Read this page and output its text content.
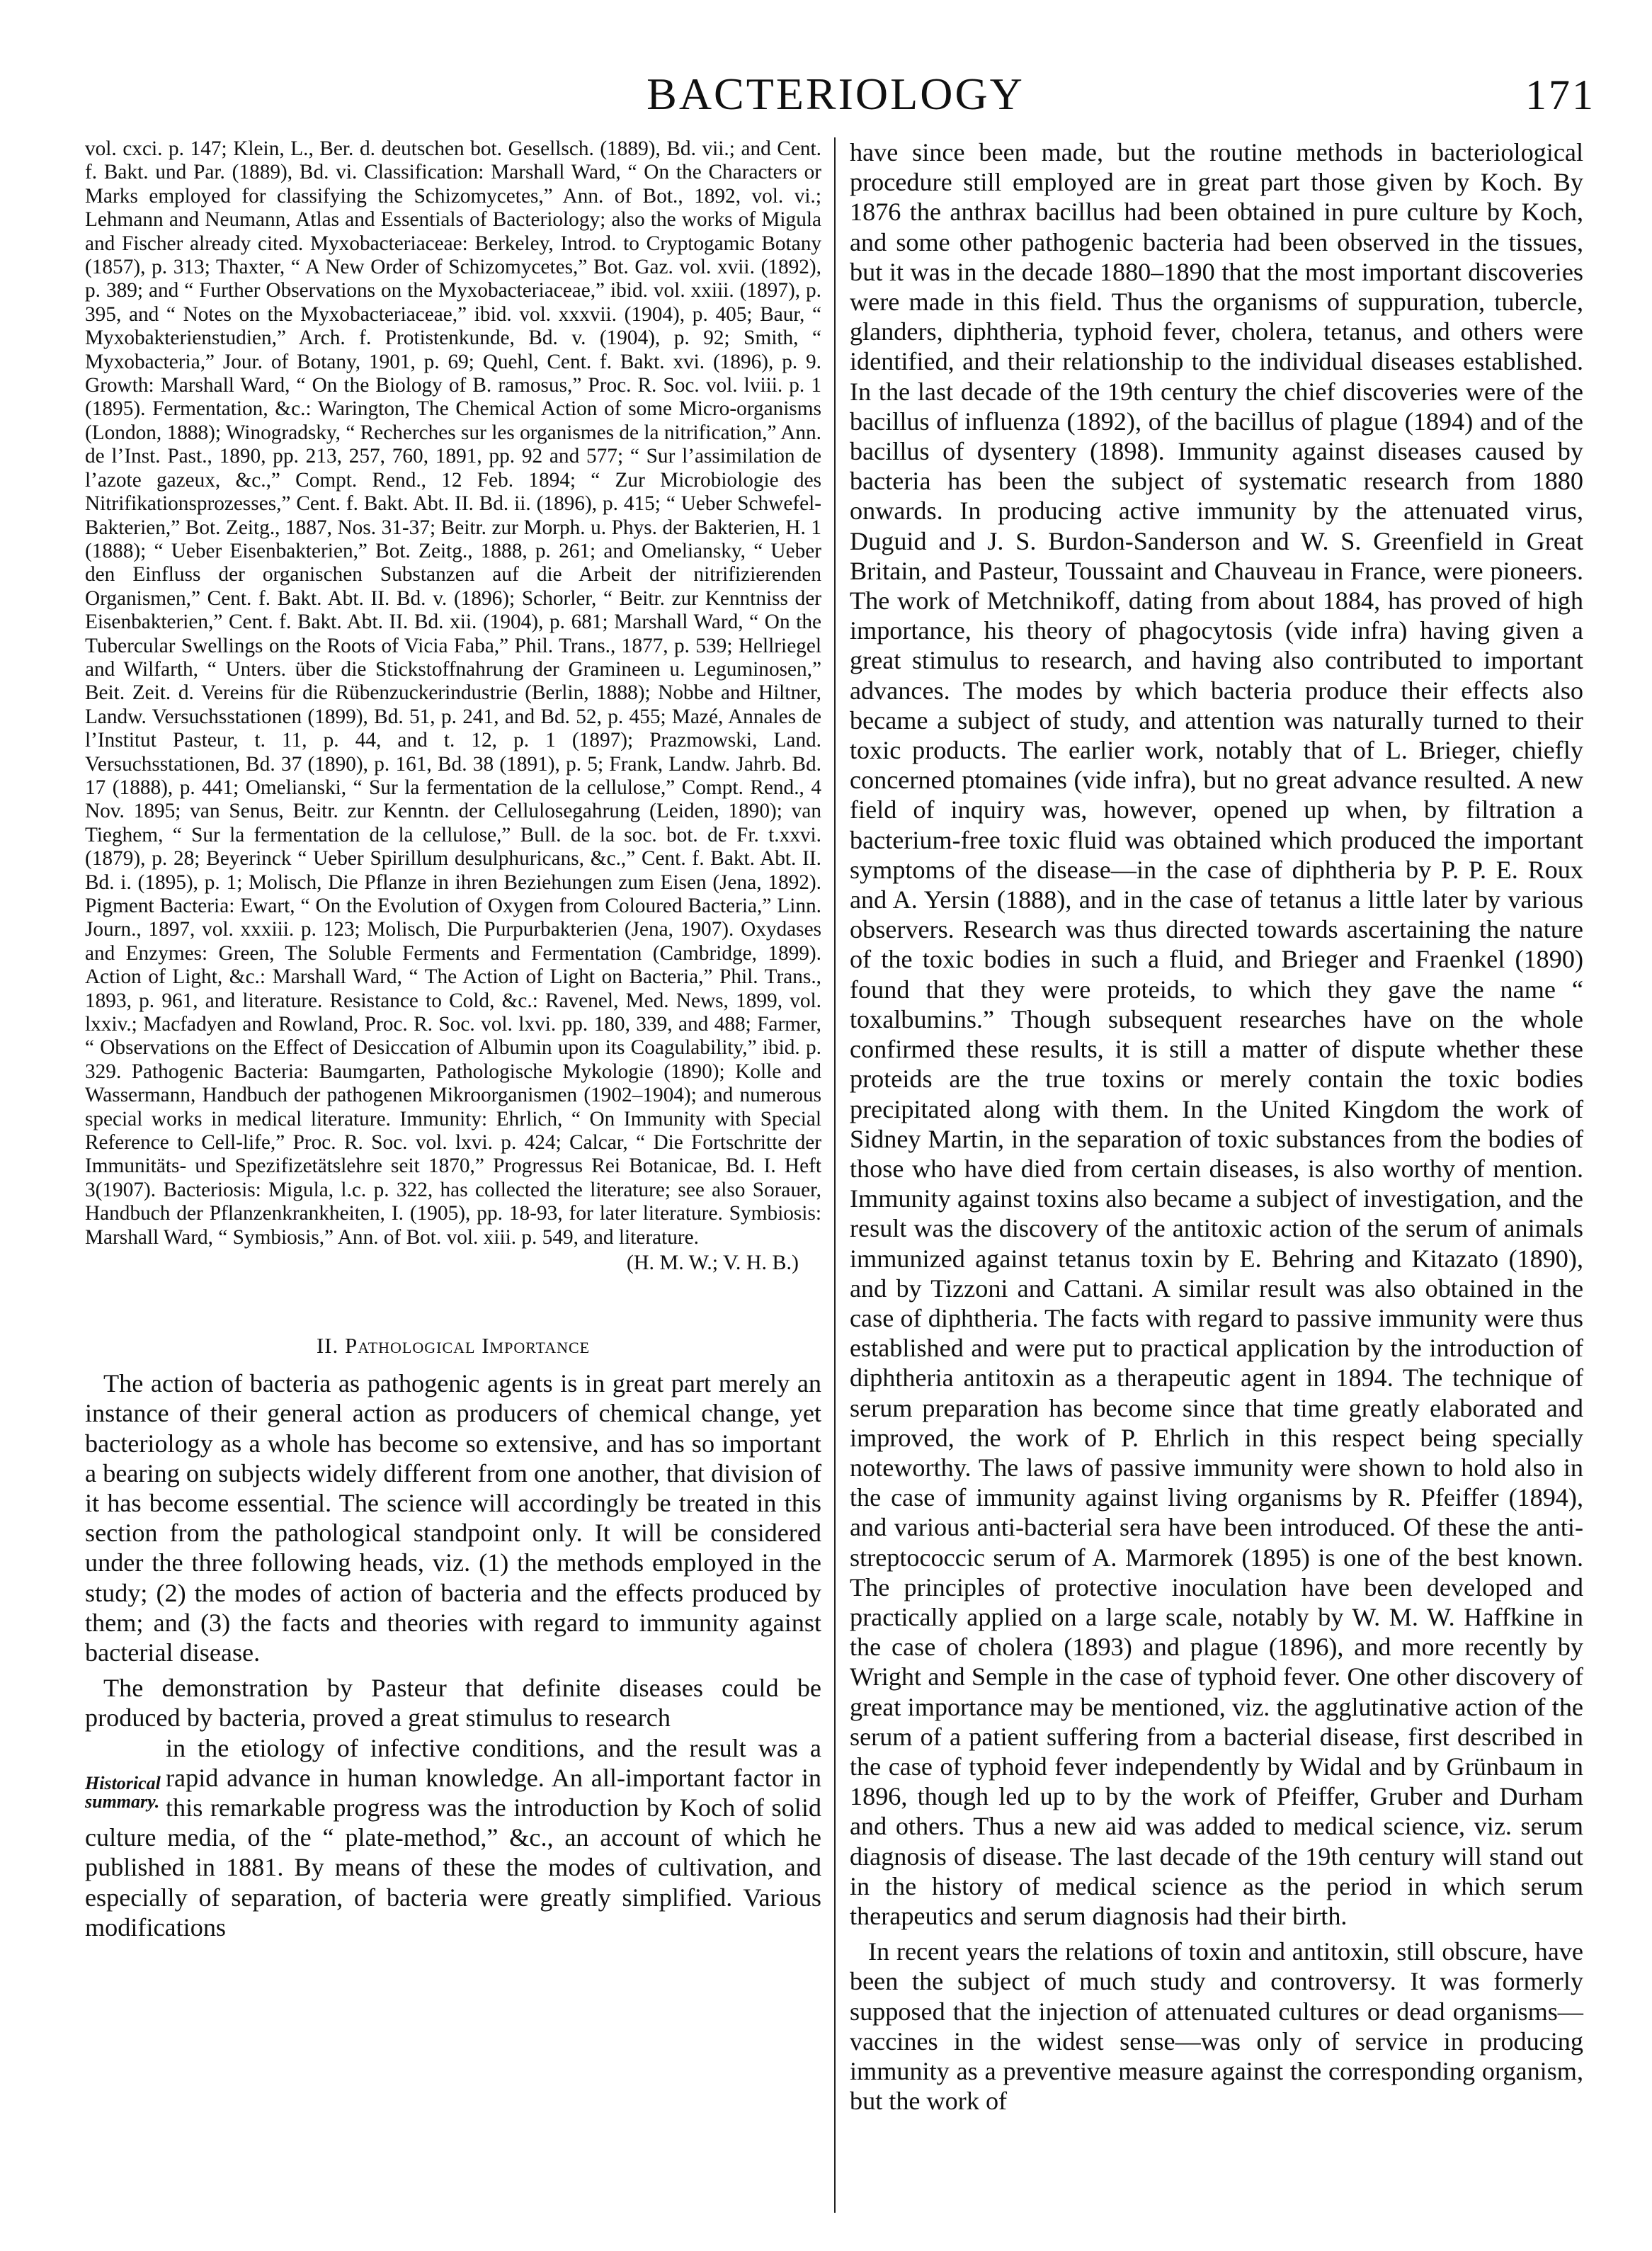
BACTERIOLOGY	171

vol. cxci. p. 147; Klein, L., Ber. d. deutschen bot. Gesellsch. (1889), Bd. vii.; and Cent. f. Bakt. und Par. (1889), Bd. vi. Classification: Marshall Ward, “ On the Characters or Marks employed for classifying the Schizomycetes,” Ann. of Bot., 1892, vol. vi.; Lehmann and Neumann, Atlas and Essentials of Bacteriology; also the works of Migula and Fischer already cited. Myxobacteriaceae: Berkeley, Introd. to Cryptogamic Botany (1857), p. 313; Thaxter, “ A New Order of Schizomycetes,” Bot. Gaz. vol. xvii. (1892), p. 389; and “ Further Observations on the Myxobacteriaceae,” ibid. vol. xxiii. (1897), p. 395, and “ Notes on the Myxobacteriaceae,” ibid. vol. xxxvii. (1904), p. 405; Baur, “ Myxobakterienstudien,” Arch. f. Protistenkunde, Bd. v. (1904), p. 92; Smith, “ Myxobacteria,” Jour. of Botany, 1901, p. 69; Quehl, Cent. f. Bakt. xvi. (1896), p. 9. Growth: Marshall Ward, “ On the Biology of B. ramosus,” Proc. R. Soc. vol. lviii. p. 1 (1895). Fermentation, &c.: Warington, The Chemical Action of some Micro-organisms (London, 1888); Winogradsky, “ Recherches sur les organismes de la nitrification,” Ann. de l’Inst. Past., 1890, pp. 213, 257, 760, 1891, pp. 92 and 577; “ Sur l’assimilation de l’azote gazeux, &c.,” Compt. Rend., 12 Feb. 1894; “ Zur Microbiologie des Nitrifikationsprozesses,” Cent. f. Bakt. Abt. II. Bd. ii. (1896), p. 415; “ Ueber Schwefel-Bakterien,” Bot. Zeitg., 1887, Nos. 31-37; Beitr. zur Morph. u. Phys. der Bakterien, H. 1 (1888); “ Ueber Eisenbakterien,” Bot. Zeitg., 1888, p. 261; and Omeliansky, “ Ueber den Einfluss der organischen Substanzen auf die Arbeit der nitrifizierenden Organismen,” Cent. f. Bakt. Abt. II. Bd. v. (1896); Schorler, “ Beitr. zur Kenntniss der Eisenbakterien,” Cent. f. Bakt. Abt. II. Bd. xii. (1904), p. 681; Marshall Ward, “ On the Tubercular Swellings on the Roots of Vicia Faba,” Phil. Trans., 1877, p. 539; Hellriegel and Wilfarth, “ Unters. über die Stickstoffnahrung der Gramineen u. Leguminosen,” Beit. Zeit. d. Vereins für die Rübenzuckerindustrie (Berlin, 1888); Nobbe and Hiltner, Landw. Versuchsstationen (1899), Bd. 51, p. 241, and Bd. 52, p. 455; Mazé, Annales de l’Institut Pasteur, t. 11, p. 44, and t. 12, p. 1 (1897); Prazmowski, Land. Versuchsstationen, Bd. 37 (1890), p. 161, Bd. 38 (1891), p. 5; Frank, Landw. Jahrb. Bd. 17 (1888), p. 441; Omelianski, “ Sur la fermentation de la cellulose,” Compt. Rend., 4 Nov. 1895; van Senus, Beitr. zur Kenntn. der Cellulosegahrung (Leiden, 1890); van Tieghem, “ Sur la fermentation de la cellulose,” Bull. de la soc. bot. de Fr. t.xxvi. (1879), p. 28; Beyerinck “ Ueber Spirillum desulphuricans, &c.,” Cent. f. Bakt. Abt. II. Bd. i. (1895), p. 1; Molisch, Die Pflanze in ihren Beziehungen zum Eisen (Jena, 1892). Pigment Bacteria: Ewart, “ On the Evolution of Oxygen from Coloured Bacteria,” Linn. Journ., 1897, vol. xxxiii. p. 123; Molisch, Die Purpurbakterien (Jena, 1907). Oxydases and Enzymes: Green, The Soluble Ferments and Fermentation (Cambridge, 1899). Action of Light, &c.: Marshall Ward, “ The Action of Light on Bacteria,” Phil. Trans., 1893, p. 961, and literature. Resistance to Cold, &c.: Ravenel, Med. News, 1899, vol. lxxiv.; Macfadyen and Rowland, Proc. R. Soc. vol. lxvi. pp. 180, 339, and 488; Farmer, “ Observations on the Effect of Desiccation of Albumin upon its Coagulability,” ibid. p. 329. Pathogenic Bacteria: Baumgarten, Pathologische Mykologie (1890); Kolle and Wassermann, Handbuch der pathogenen Mikroorganismen (1902–1904); and numerous special works in medical literature. Immunity: Ehrlich, “ On Immunity with Special Reference to Cell-life,” Proc. R. Soc. vol. lxvi. p. 424; Calcar, “ Die Fortschritte der Immunitäts- und Spezifizetätslehre seit 1870,” Progressus Rei Botanicae, Bd. I. Heft 3(1907). Bacteriosis: Migula, l.c. p. 322, has collected the literature; see also Sorauer, Handbuch der Pflanzenkrankheiten, I. (1905), pp. 18-93, for later literature. Symbiosis: Marshall Ward, “ Symbiosis,” Ann. of Bot. vol. xiii. p. 549, and literature.

(H. M. W.; V. H. B.)

II. Pathological Importance

The action of bacteria as pathogenic agents is in great part merely an instance of their general action as producers of chemical change, yet bacteriology as a whole has become so extensive, and has so important a bearing on subjects widely different from one another, that division of it has become essential. The science will accordingly be treated in this section from the pathological standpoint only. It will be considered under the three following heads, viz. (1) the methods employed in the study; (2) the modes of action of bacteria and the effects produced by them; and (3) the facts and theories with regard to immunity against bacterial disease.

The demonstration by Pasteur that definite diseases could be produced by bacteria, proved a great stimulus to research

Historical summary.

in the etiology of infective conditions, and the result was a rapid advance in human knowledge. An all-important factor in this remarkable progress was the introduction by Koch of solid culture media, of the “ plate-method,” &c., an account of which he published in 1881. By means of these the modes of cultivation, and especially of separation, of bacteria were greatly simplified. Various modifications

have since been made, but the routine methods in bacteriological procedure still employed are in great part those given by Koch. By 1876 the anthrax bacillus had been obtained in pure culture by Koch, and some other pathogenic bacteria had been observed in the tissues, but it was in the decade 1880–1890 that the most important discoveries were made in this field. Thus the organisms of suppuration, tubercle, glanders, diphtheria, typhoid fever, cholera, tetanus, and others were identified, and their relationship to the individual diseases established. In the last decade of the 19th century the chief discoveries were of the bacillus of influenza (1892), of the bacillus of plague (1894) and of the bacillus of dysentery (1898). Immunity against diseases caused by bacteria has been the subject of systematic research from 1880 onwards. In producing active immunity by the attenuated virus, Duguid and J. S. Burdon-Sanderson and W. S. Greenfield in Great Britain, and Pasteur, Toussaint and Chauveau in France, were pioneers. The work of Metchnikoff, dating from about 1884, has proved of high importance, his theory of phagocytosis (vide infra) having given a great stimulus to research, and having also contributed to important advances. The modes by which bacteria produce their effects also became a subject of study, and attention was naturally turned to their toxic products. The earlier work, notably that of L. Brieger, chiefly concerned ptomaines (vide infra), but no great advance resulted. A new field of inquiry was, however, opened up when, by filtration a bacterium-free toxic fluid was obtained which produced the important symptoms of the disease—in the case of diphtheria by P. P. E. Roux and A. Yersin (1888), and in the case of tetanus a little later by various observers. Research was thus directed towards ascertaining the nature of the toxic bodies in such a fluid, and Brieger and Fraenkel (1890) found that they were proteids, to which they gave the name “ toxalbumins.” Though subsequent researches have on the whole confirmed these results, it is still a matter of dispute whether these proteids are the true toxins or merely contain the toxic bodies precipitated along with them. In the United Kingdom the work of Sidney Martin, in the separation of toxic substances from the bodies of those who have died from certain diseases, is also worthy of mention. Immunity against toxins also became a subject of investigation, and the result was the discovery of the antitoxic action of the serum of animals immunized against tetanus toxin by E. Behring and Kitazato (1890), and by Tizzoni and Cattani. A similar result was also obtained in the case of diphtheria. The facts with regard to passive immunity were thus established and were put to practical application by the introduction of diphtheria antitoxin as a therapeutic agent in 1894. The technique of serum preparation has become since that time greatly elaborated and improved, the work of P. Ehrlich in this respect being specially noteworthy. The laws of passive immunity were shown to hold also in the case of immunity against living organisms by R. Pfeiffer (1894), and various anti-bacterial sera have been introduced. Of these the anti-streptococcic serum of A. Marmorek (1895) is one of the best known. The principles of protective inoculation have been developed and practically applied on a large scale, notably by W. M. W. Haffkine in the case of cholera (1893) and plague (1896), and more recently by Wright and Semple in the case of typhoid fever. One other discovery of great importance may be mentioned, viz. the agglutinative action of the serum of a patient suffering from a bacterial disease, first described in the case of typhoid fever independently by Widal and by Grünbaum in 1896, though led up to by the work of Pfeiffer, Gruber and Durham and others. Thus a new aid was added to medical science, viz. serum diagnosis of disease. The last decade of the 19th century will stand out in the history of medical science as the period in which serum therapeutics and serum diagnosis had their birth.

In recent years the relations of toxin and antitoxin, still obscure, have been the subject of much study and controversy. It was formerly supposed that the injection of attenuated cultures or dead organisms—vaccines in the widest sense—was only of service in producing immunity as a preventive measure against the corresponding organism, but the work of
